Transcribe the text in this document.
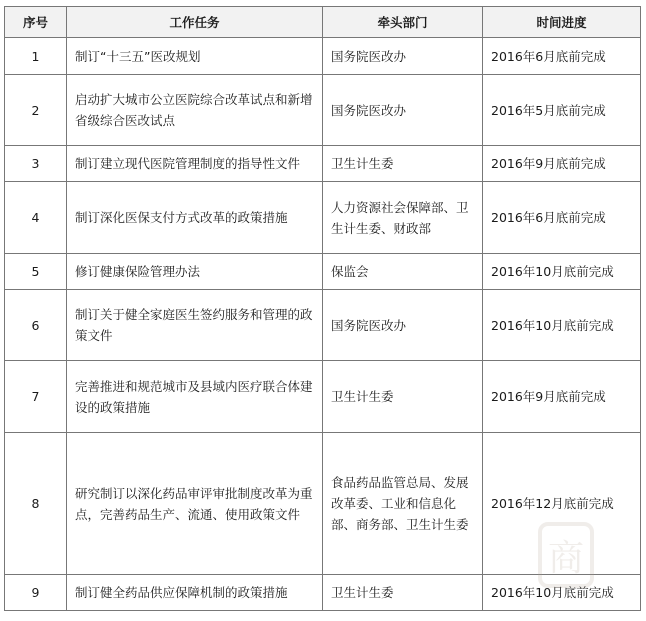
序号	工作任务	牵头部门	时间进度
1	制订“十三五”医改规划	国务院医改办	2016年6月底前完成
2	启动扩大城市公立医院综合改革试点和新增省级综合医改试点	国务院医改办	2016年5月底前完成
3	制订建立现代医院管理制度的指导性文件	卫生计生委	2016年9月底前完成
4	制订深化医保支付方式改革的政策措施	人力资源社会保障部、卫生计生委、财政部	2016年6月底前完成
5	修订健康保险管理办法	保监会	2016年10月底前完成
6	制订关于健全家庭医生签约服务和管理的政策文件	国务院医改办	2016年10月底前完成
7	完善推进和规范城市及县域内医疗联合体建设的政策措施	卫生计生委	2016年9月底前完成
8	研究制订以深化药品审评审批制度改革为重点，完善药品生产、流通、使用政策文件	食品药品监管总局、发展改革委、工业和信息化部、商务部、卫生计生委	2016年12月底前完成
9	制订健全药品供应保障机制的政策措施	卫生计生委	2016年10月底前完成
商
